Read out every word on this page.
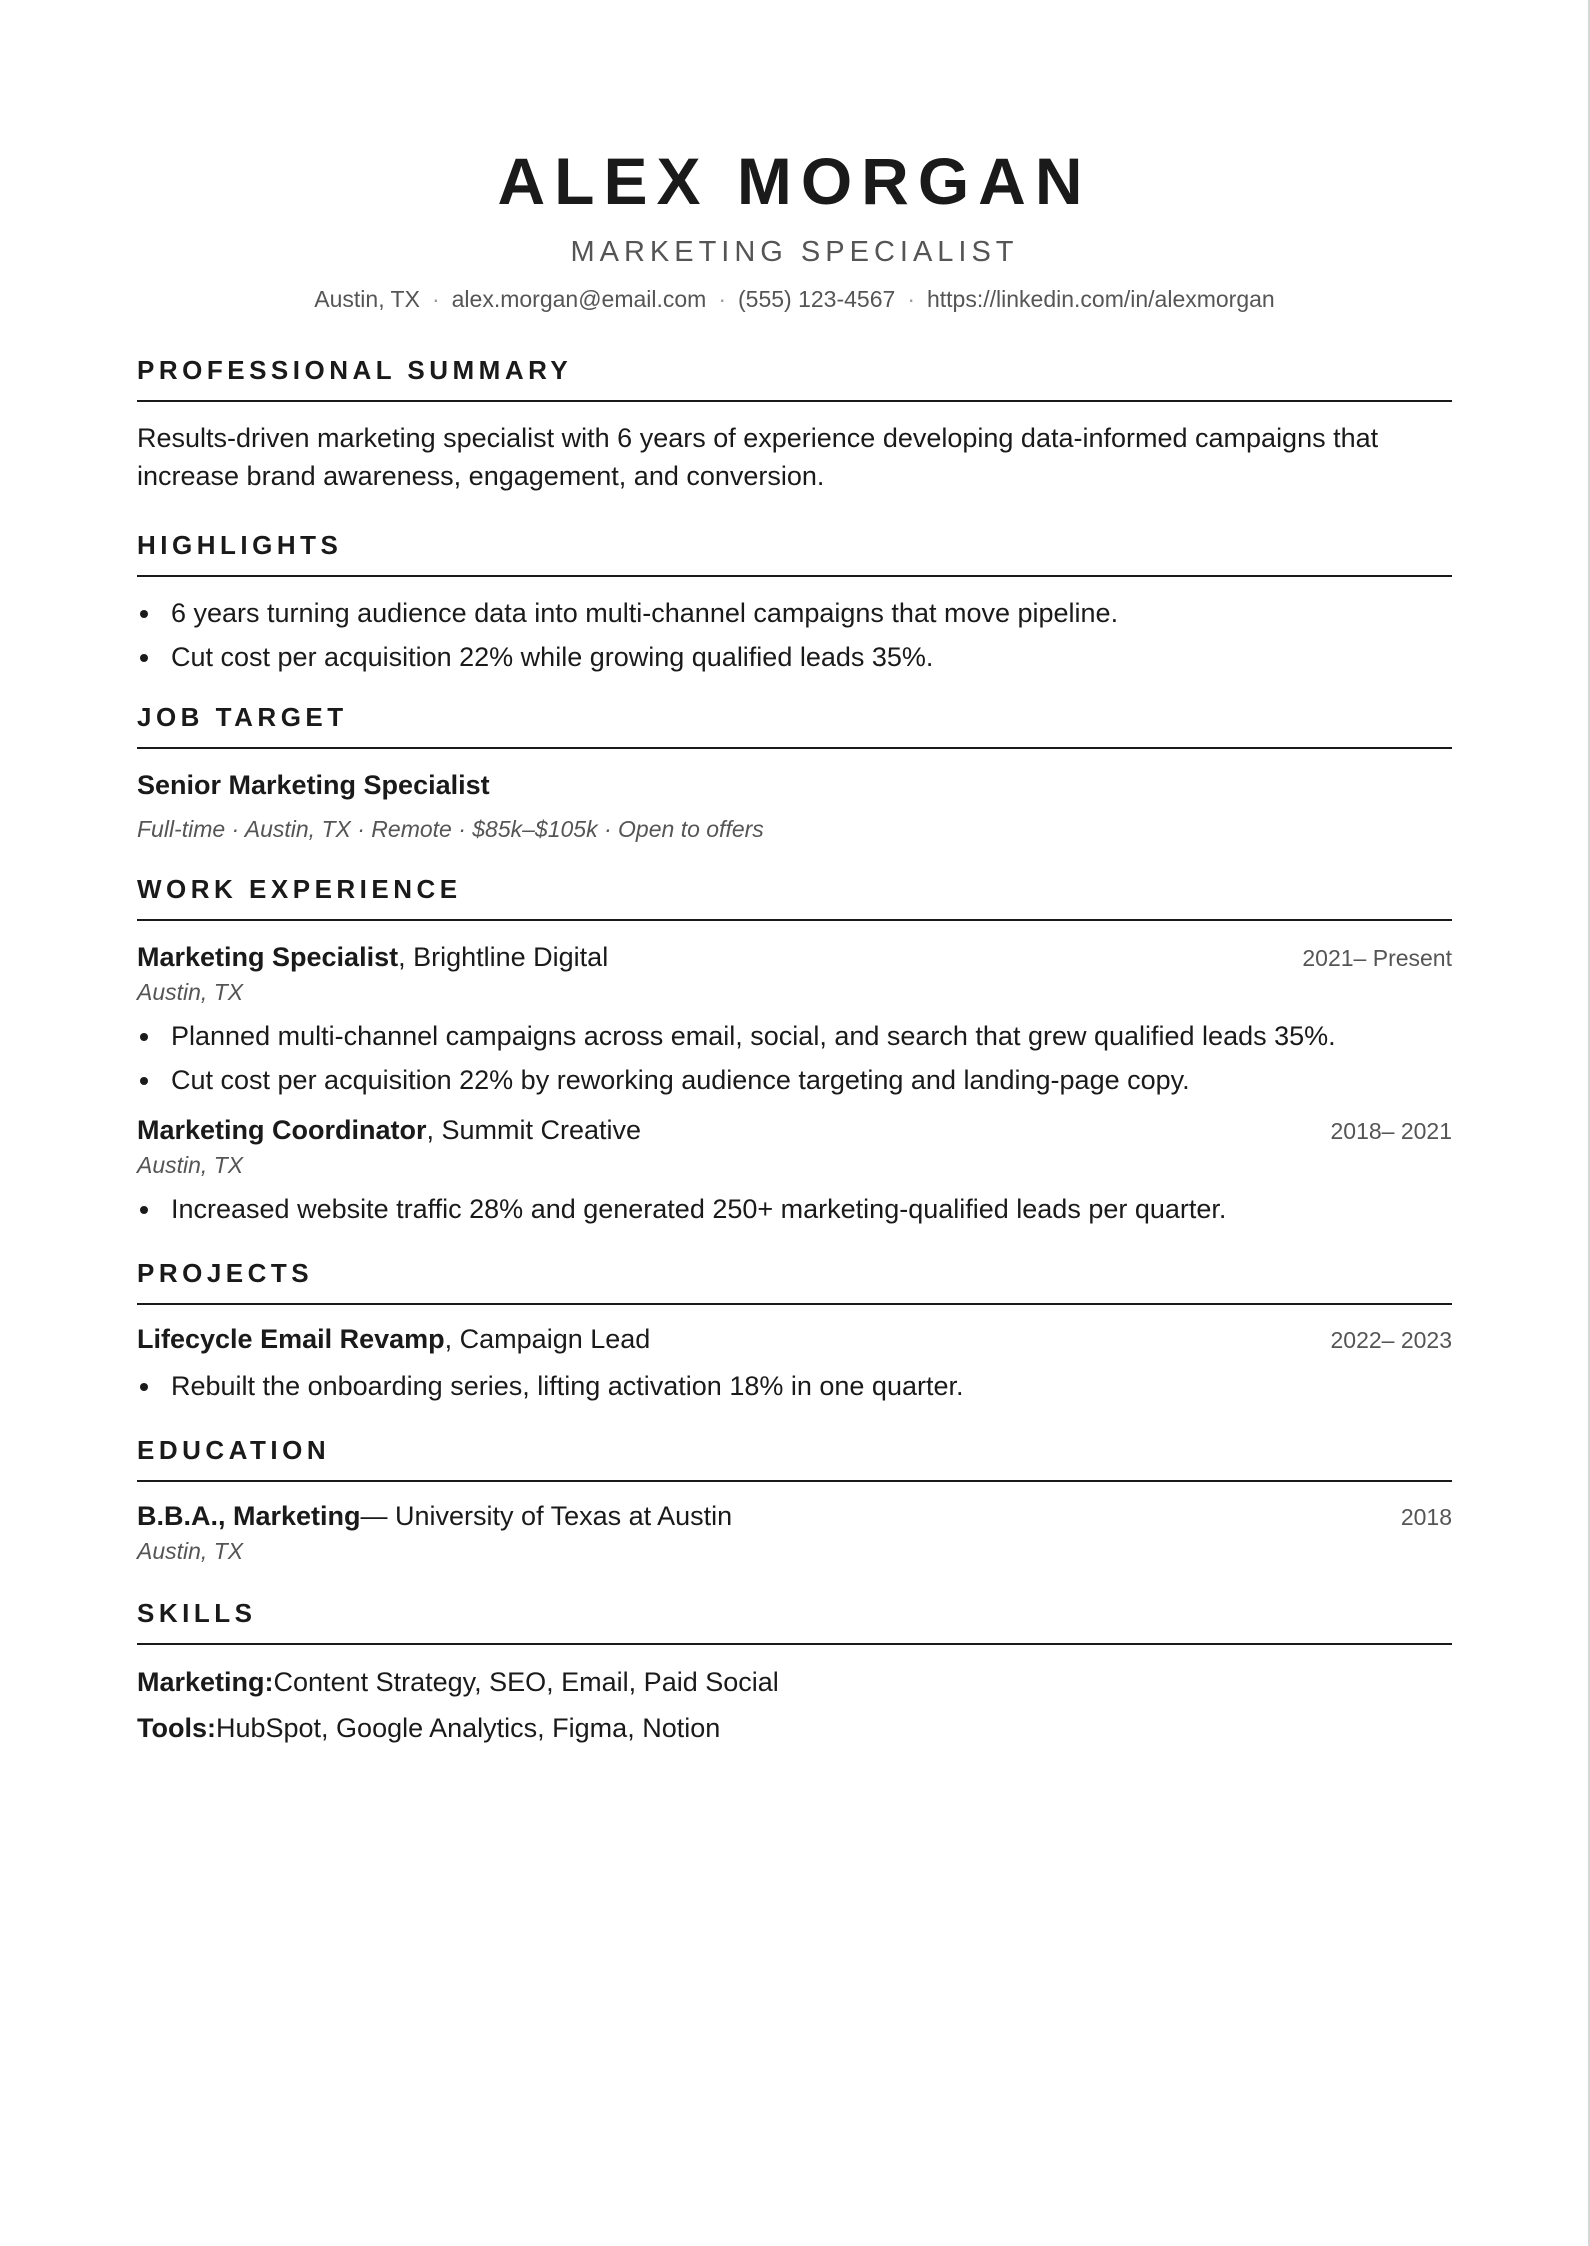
ALEX MORGAN
MARKETING SPECIALIST
Austin, TX · alex.morgan@email.com · (555) 123-4567 · https://linkedin.com/in/alexmorgan
PROFESSIONAL SUMMARY
Results-driven marketing specialist with 6 years of experience developing data-informed campaigns that increase brand awareness, engagement, and conversion.
HIGHLIGHTS
6 years turning audience data into multi-channel campaigns that move pipeline.
Cut cost per acquisition 22% while growing qualified leads 35%.
JOB TARGET
Senior Marketing Specialist
Full-time · Austin, TX · Remote · $85k–$105k · Open to offers
WORK EXPERIENCE
Marketing Specialist, Brightline Digital	2021– Present
Austin, TX
Planned multi-channel campaigns across email, social, and search that grew qualified leads 35%.
Cut cost per acquisition 22% by reworking audience targeting and landing-page copy.
Marketing Coordinator, Summit Creative	2018– 2021
Austin, TX
Increased website traffic 28% and generated 250+ marketing-qualified leads per quarter.
PROJECTS
Lifecycle Email Revamp, Campaign Lead	2022– 2023
Rebuilt the onboarding series, lifting activation 18% in one quarter.
EDUCATION
B.B.A., Marketing— University of Texas at Austin	2018
Austin, TX
SKILLS
Marketing:Content Strategy, SEO, Email, Paid Social
Tools:HubSpot, Google Analytics, Figma, Notion
